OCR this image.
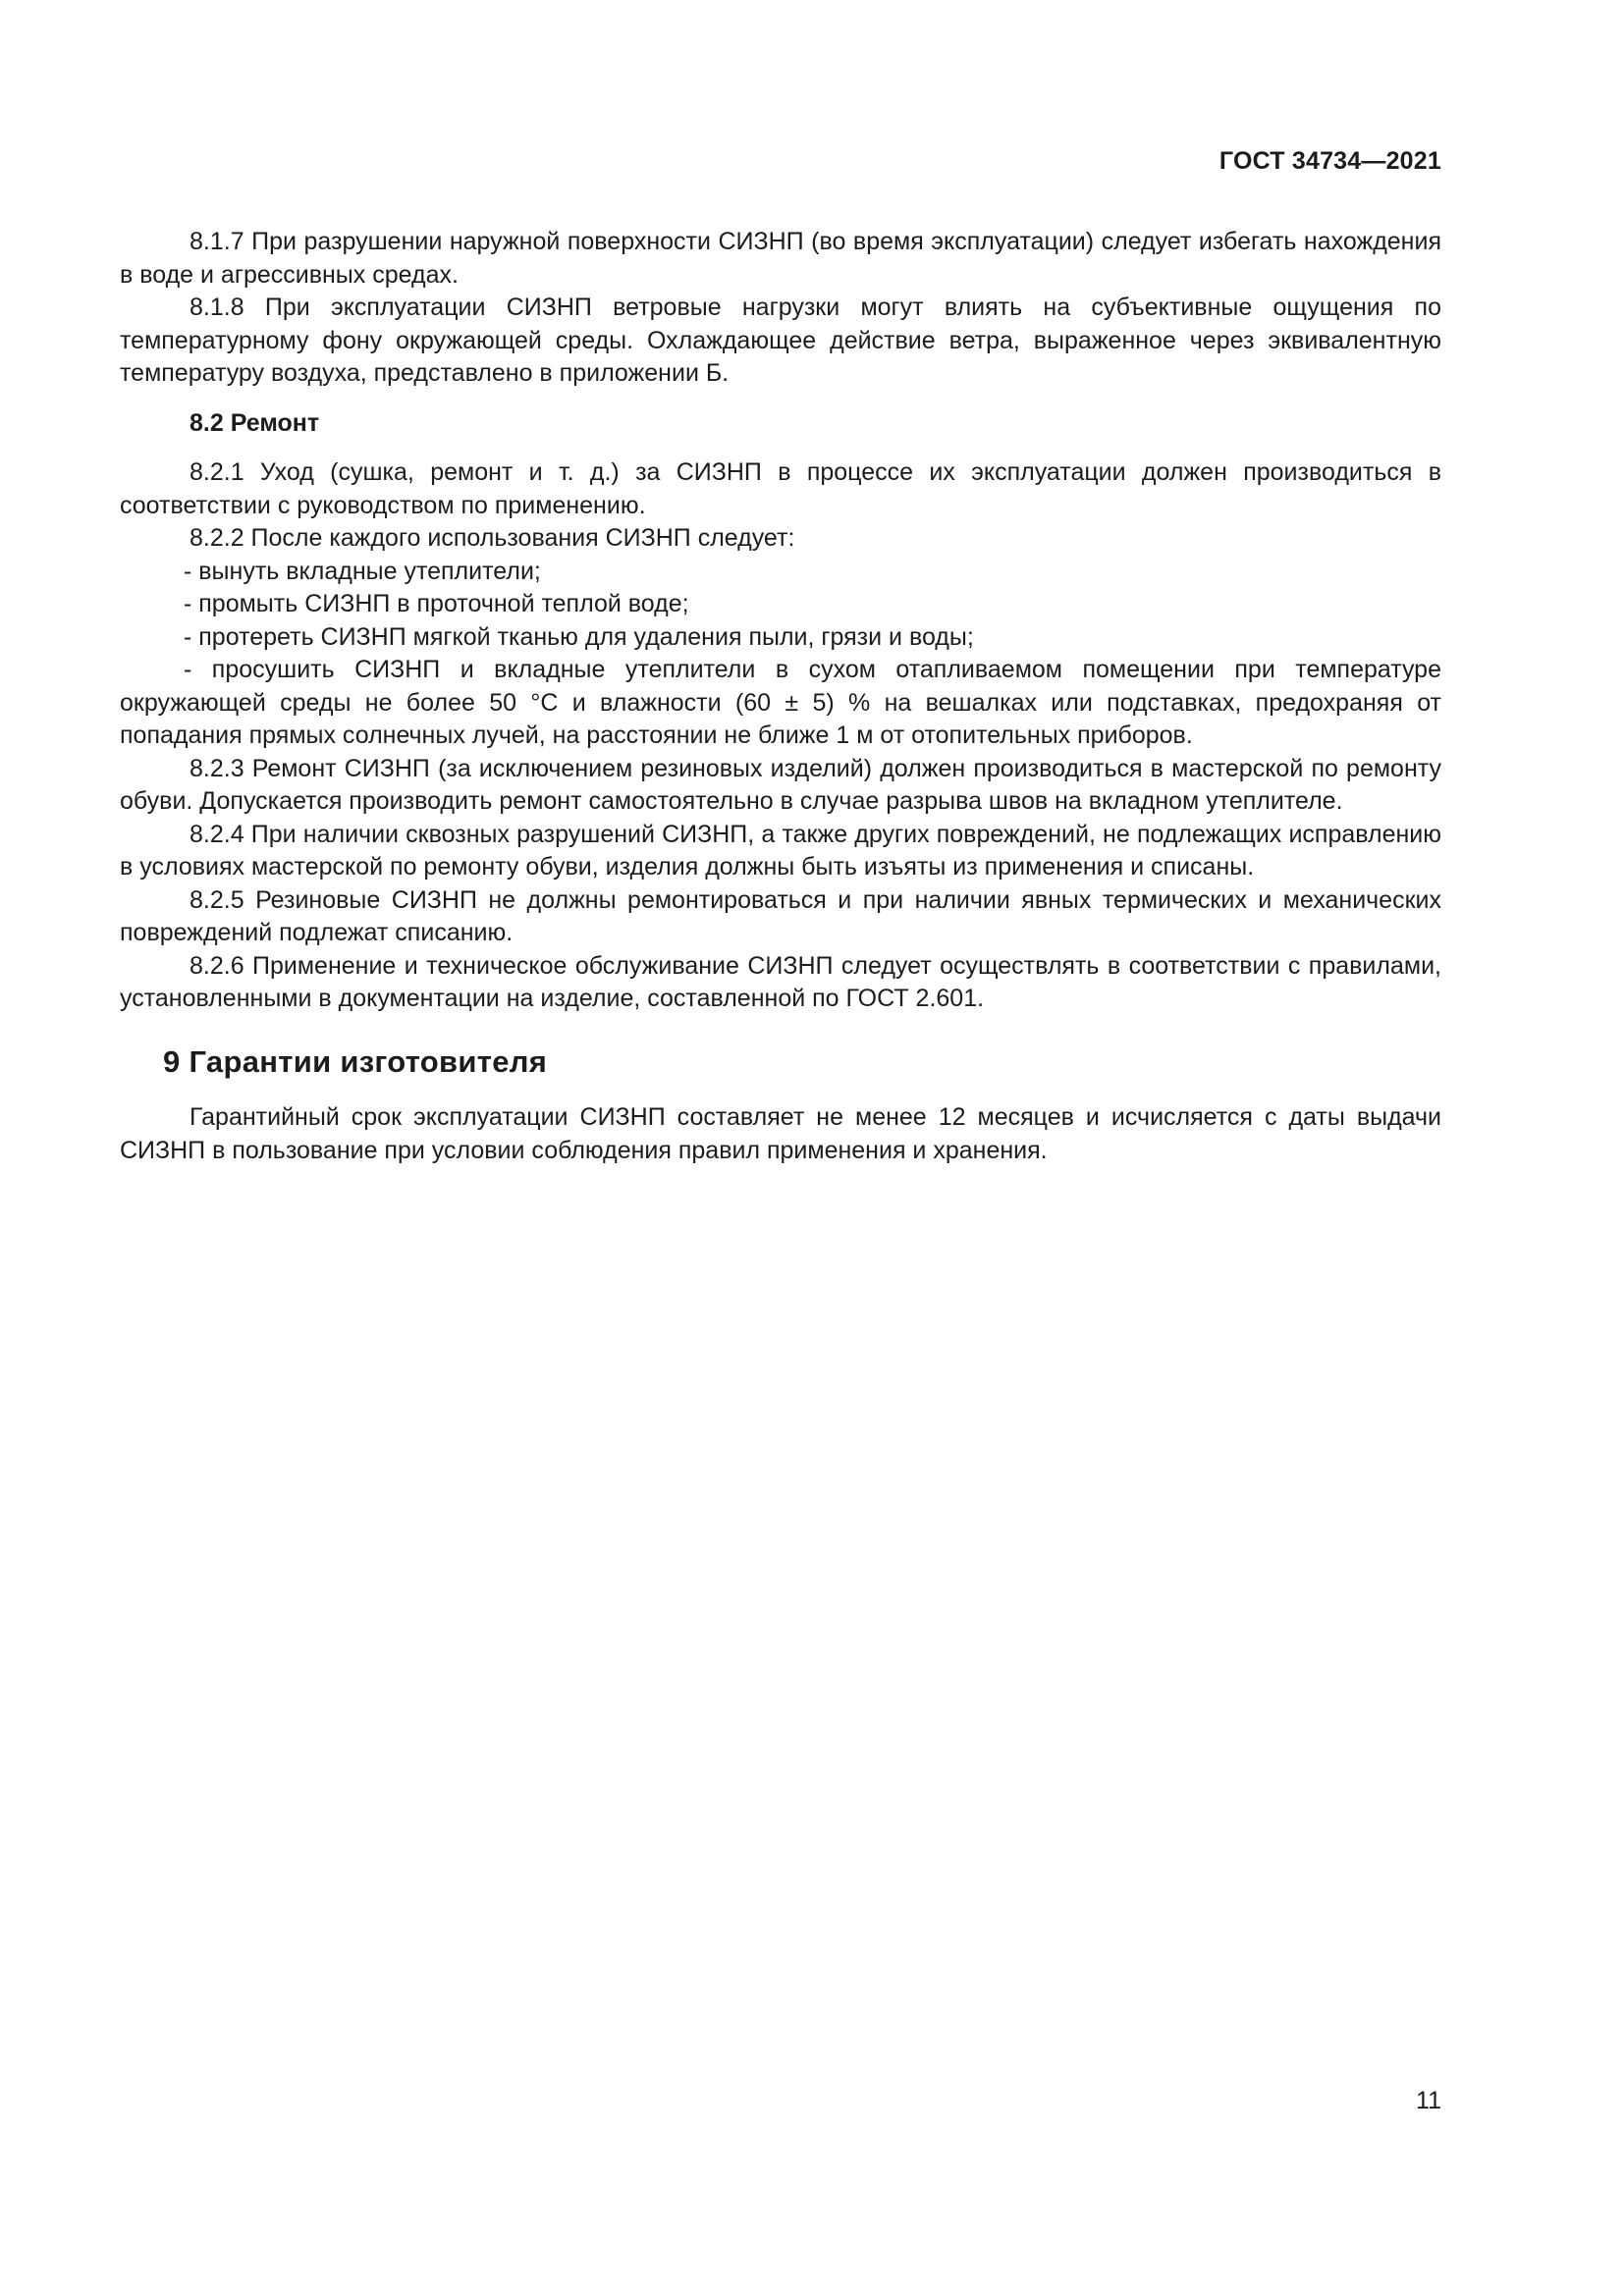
ГОСТ 34734—2021

8.1.7 При разрушении наружной поверхности СИЗНП (во время эксплуатации) следует избегать нахождения в воде и агрессивных средах.

8.1.8 При эксплуатации СИЗНП ветровые нагрузки могут влиять на субъективные ощущения по температурному фону окружающей среды. Охлаждающее действие ветра, выраженное через эквивалентную температуру воздуха, представлено в приложении Б.

8.2 Ремонт

8.2.1 Уход (сушка, ремонт и т. д.) за СИЗНП в процессе их эксплуатации должен производиться в соответствии с руководством по применению.

8.2.2 После каждого использования СИЗНП следует:

- вынуть вкладные утеплители;

- промыть СИЗНП в проточной теплой воде;

- протереть СИЗНП мягкой тканью для удаления пыли, грязи и воды;

- просушить СИЗНП и вкладные утеплители в сухом отапливаемом помещении при температуре окружающей среды не более 50 °С и влажности (60 ± 5) % на вешалках или подставках, предохраняя от попадания прямых солнечных лучей, на расстоянии не ближе 1 м от отопительных приборов.

8.2.3 Ремонт СИЗНП (за исключением резиновых изделий) должен производиться в мастерской по ремонту обуви. Допускается производить ремонт самостоятельно в случае разрыва швов на вкладном утеплителе.

8.2.4 При наличии сквозных разрушений СИЗНП, а также других повреждений, не подлежащих исправлению в условиях мастерской по ремонту обуви, изделия должны быть изъяты из применения и списаны.

8.2.5 Резиновые СИЗНП не должны ремонтироваться и при наличии явных термических и механических повреждений подлежат списанию.

8.2.6 Применение и техническое обслуживание СИЗНП следует осуществлять в соответствии с правилами, установленными в документации на изделие, составленной по ГОСТ 2.601.

9 Гарантии изготовителя

Гарантийный срок эксплуатации СИЗНП составляет не менее 12 месяцев и исчисляется с даты выдачи СИЗНП в пользование при условии соблюдения правил применения и хранения.

11
